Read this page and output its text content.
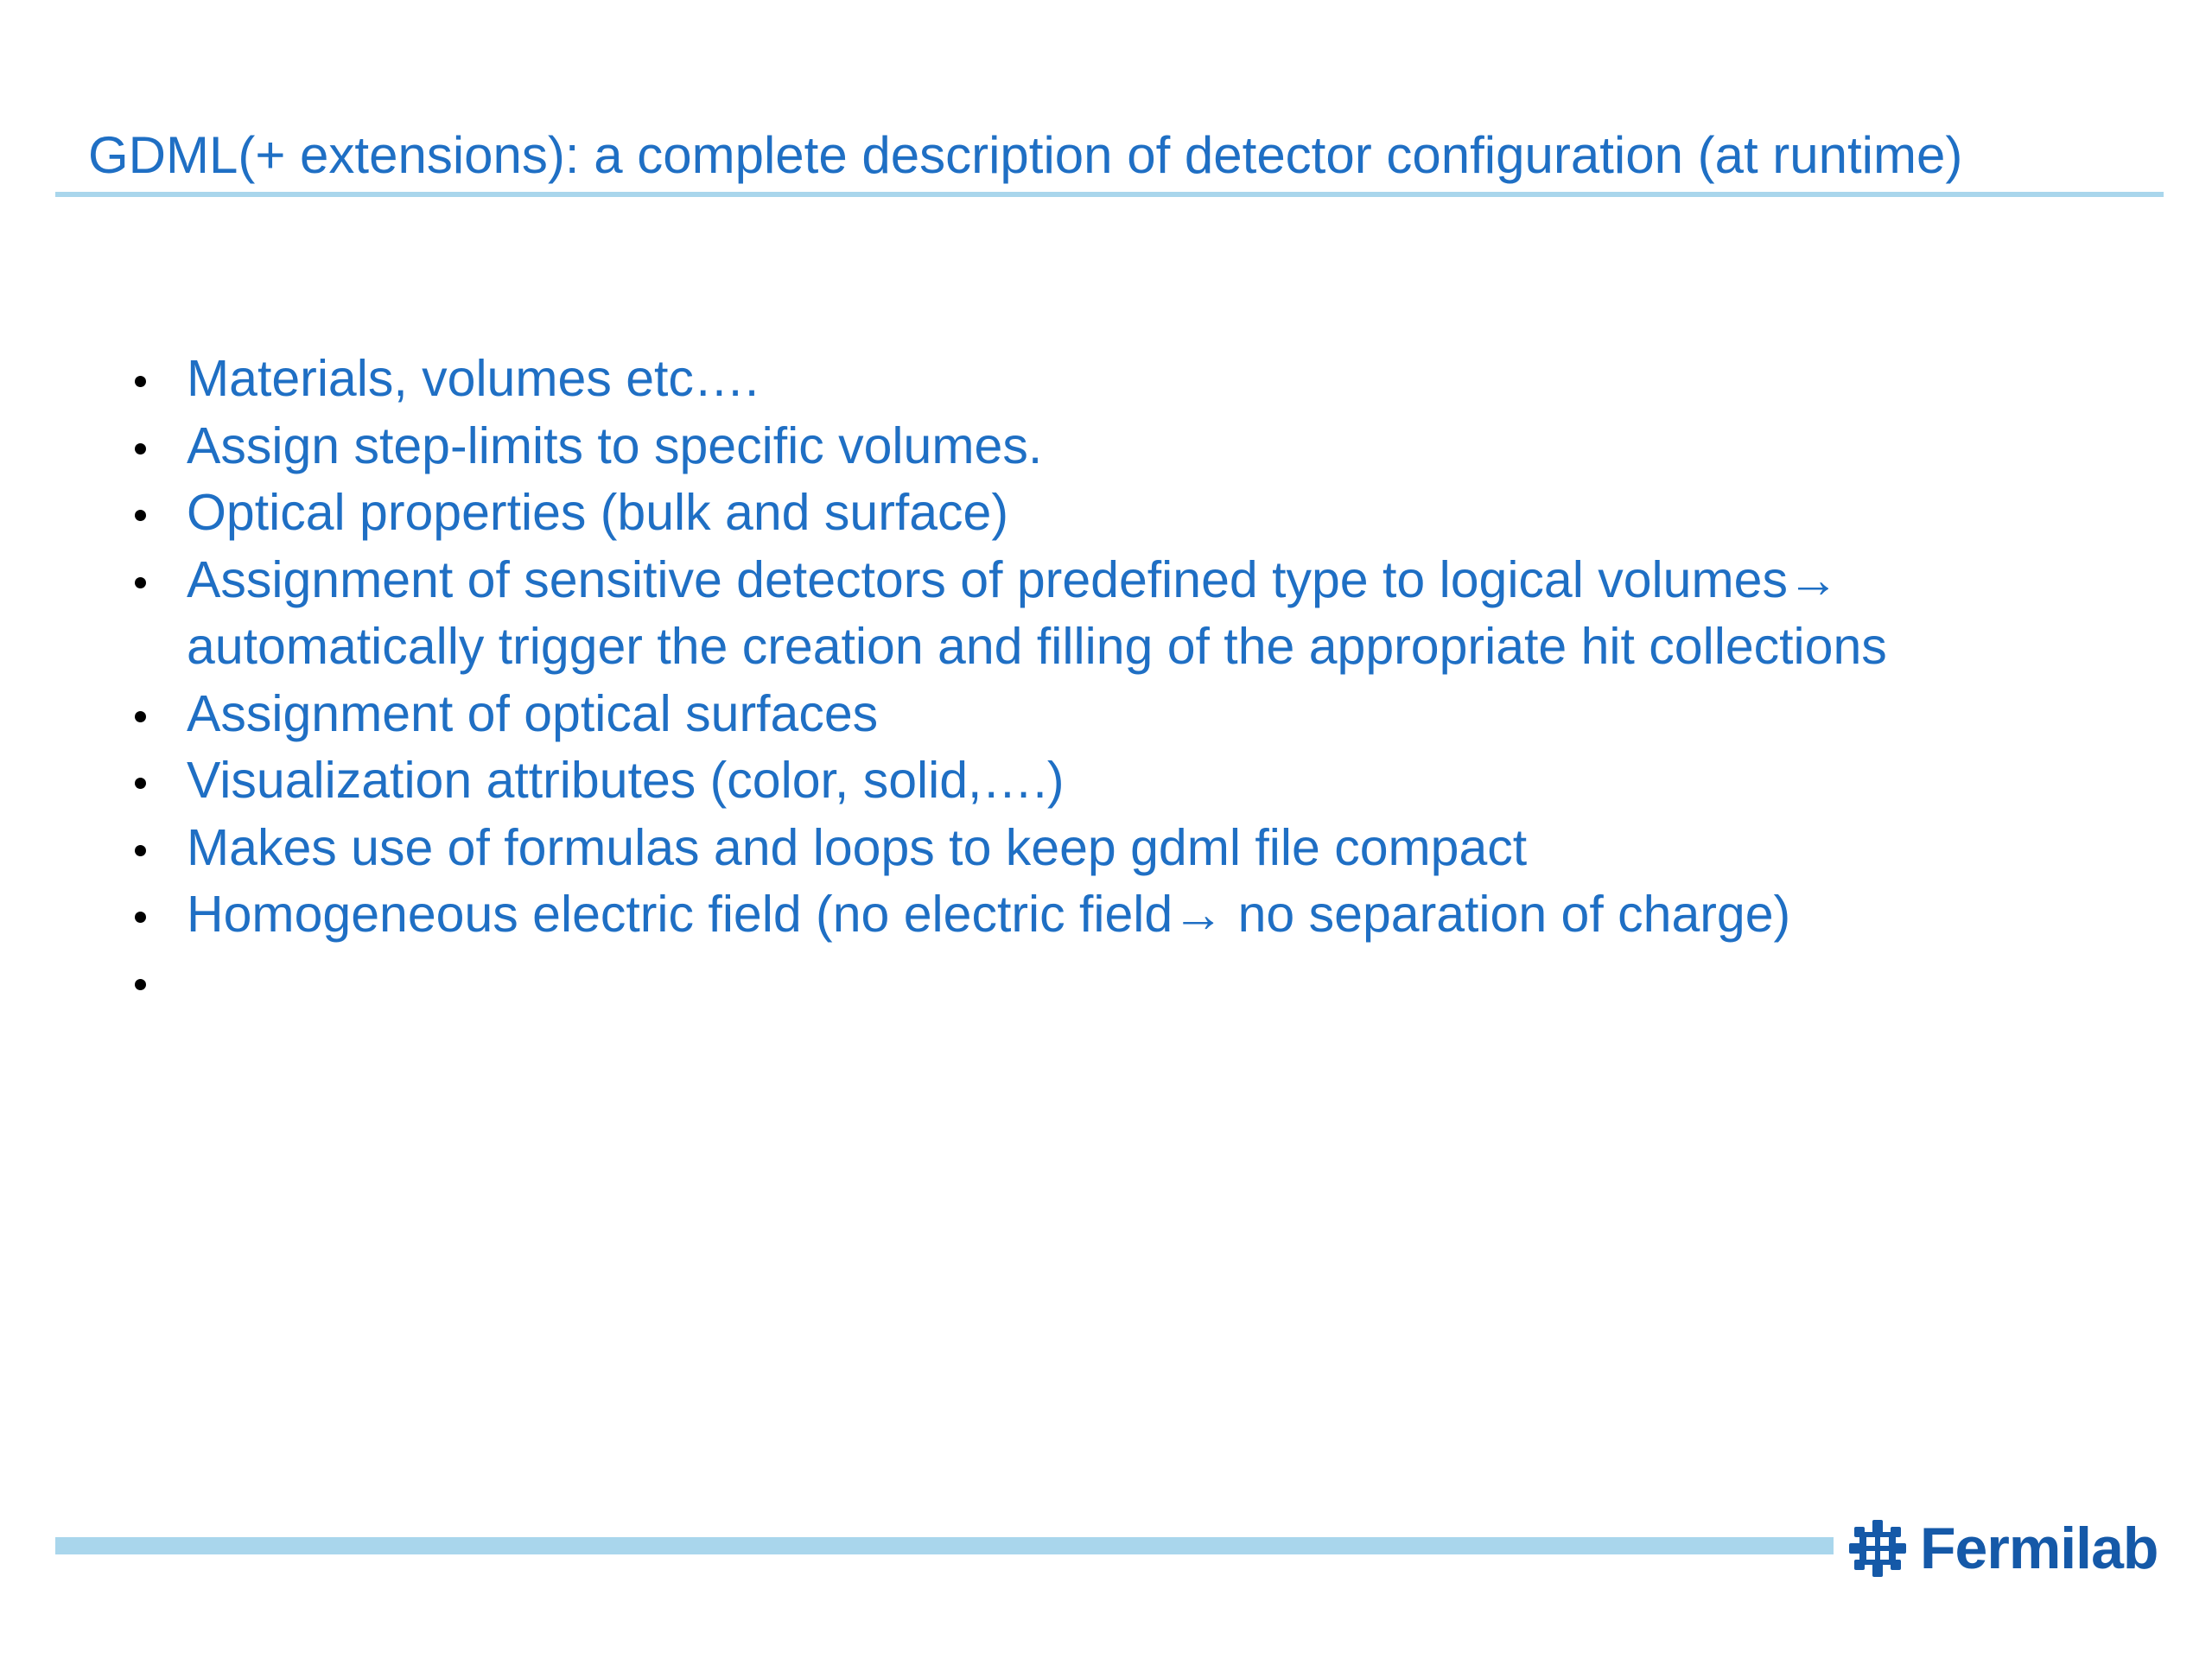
GDML(+ extensions): a complete description of detector configuration (at runtime)
Materials, volumes etc….
Assign step-limits to specific volumes.
Optical properties (bulk and surface)
Assignment of sensitive detectors of predefined type to logical volumes→
automatically trigger the creation and filling of the appropriate hit collections
Assignment of optical surfaces
Visualization attributes (color, solid,….)
Makes use of formulas and loops to keep gdml file compact
Homogeneous electric field (no electric field→ no separation of charge)
Fermilab
